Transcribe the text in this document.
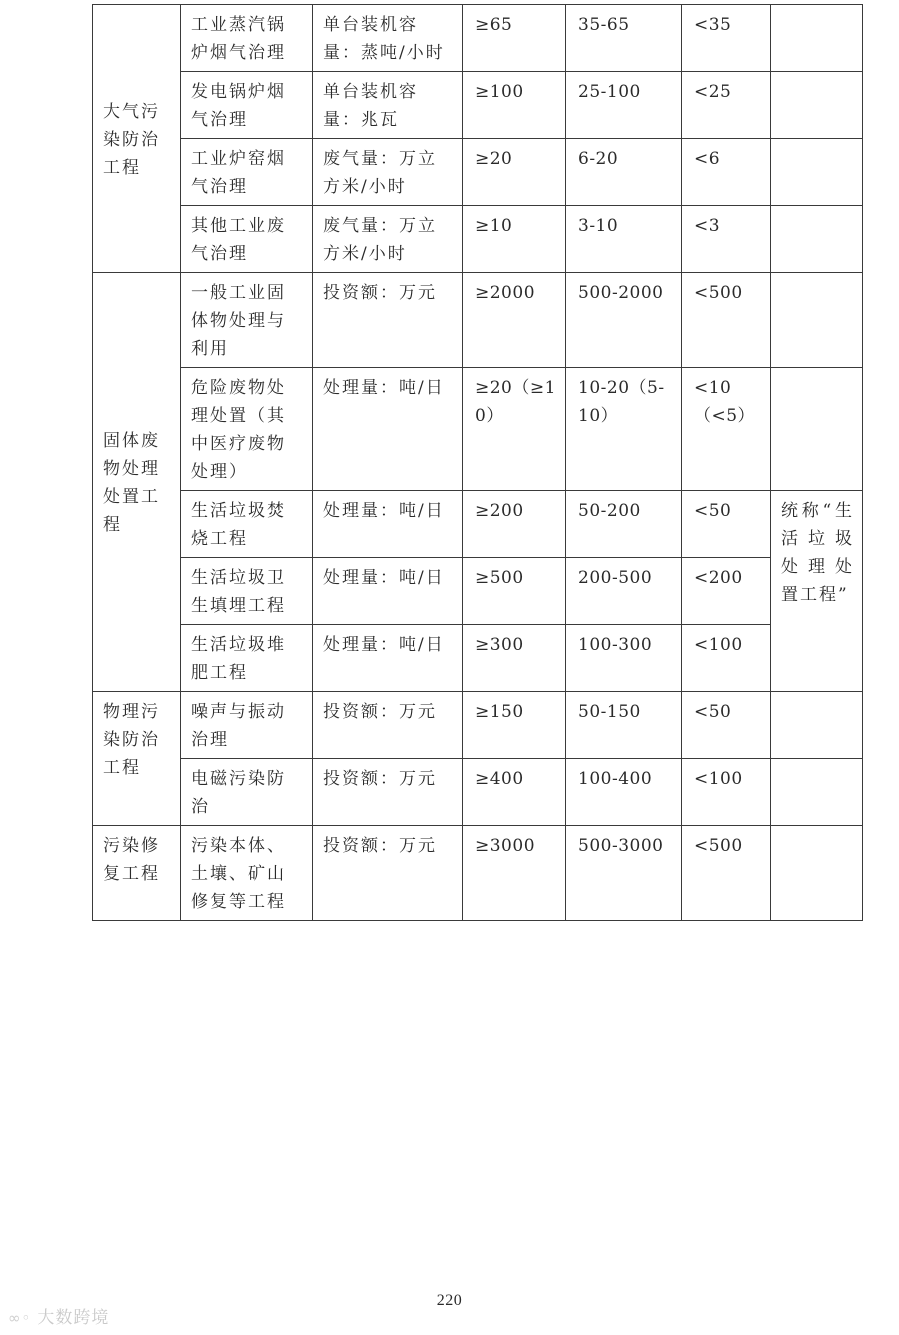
大气污染防治工程	工业蒸汽锅炉烟气治理	单台装机容量：蒸吨/小时	≥65	35-65	<35	
	发电锅炉烟气治理	单台装机容量：兆瓦	≥100	25-100	<25	
	工业炉窑烟气治理	废气量：万立方米/小时	≥20	6-20	<6	
	其他工业废气治理	废气量：万立方米/小时	≥10	3-10	<3	
固体废物处理处置工程	一般工业固体物处理与利用	投资额：万元	≥2000	500-2000	<500	
	危险废物处理处置（其中医疗废物处理）	处理量：吨/日	≥20（≥10）	10-20（5-10）	<10（<5）	
	生活垃圾焚烧工程	处理量：吨/日	≥200	50-200	<50	统称“生活垃圾处理处置工程”
	生活垃圾卫生填埋工程	处理量：吨/日	≥500	200-500	<200	
	生活垃圾堆肥工程	处理量：吨/日	≥300	100-300	<100	
物理污染防治工程	噪声与振动治理	投资额：万元	≥150	50-150	<50	
	电磁污染防治	投资额：万元	≥400	100-400	<100	
污染修复工程	污染本体、土壤、矿山修复等工程	投资额：万元	≥3000	500-3000	<500	
220
∞◦ 大数跨境
